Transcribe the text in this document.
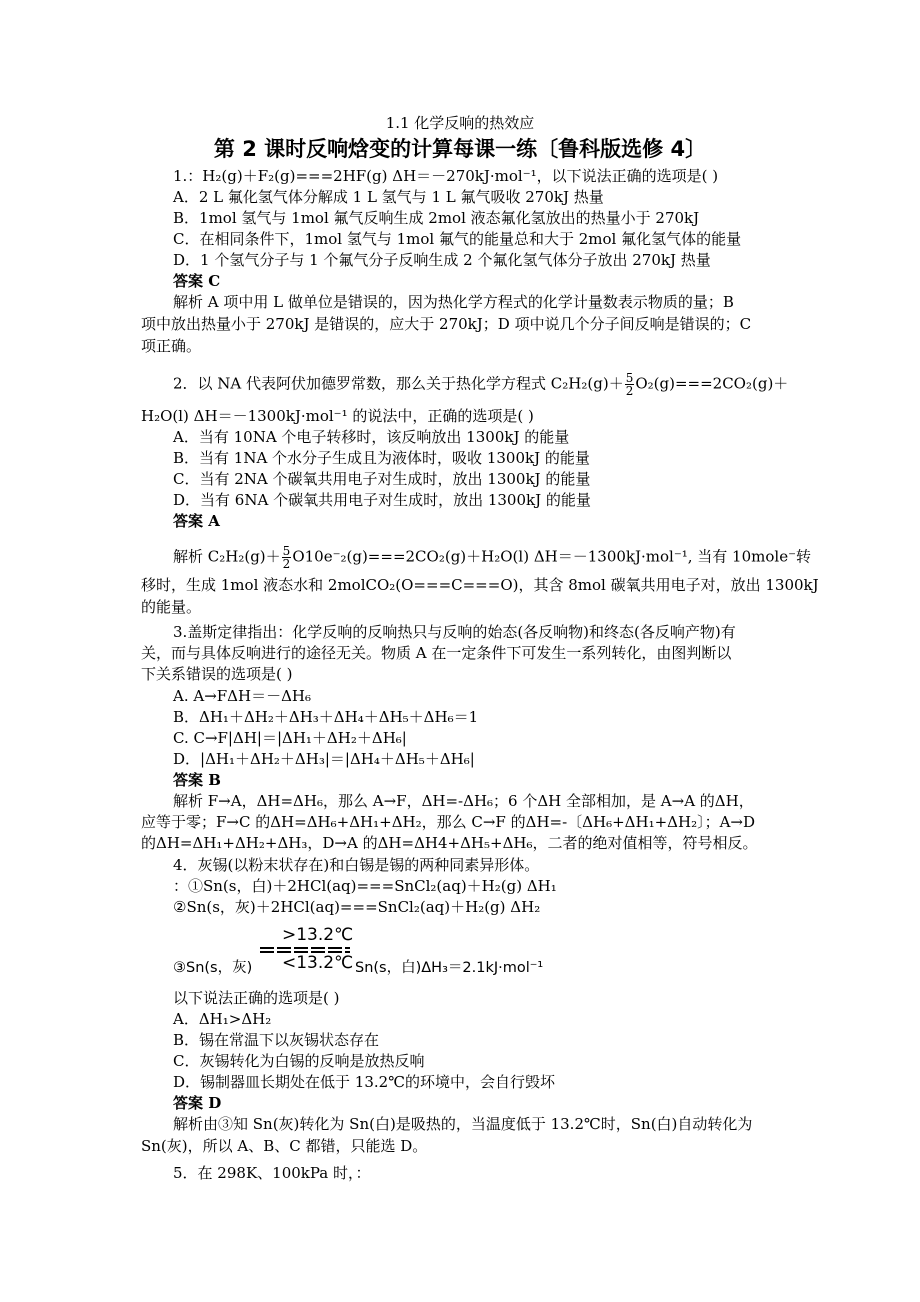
1.1 化学反响的热效应
第 2 课时反响焓变的计算每课一练〔鲁科版选修 4〕
1.：H₂(g)＋F₂(g)===2HF(g) ΔH＝－270kJ·mol⁻¹，以下说法正确的选项是( )
A．2 L 氟化氢气体分解成 1 L 氢气与 1 L 氟气吸收 270kJ 热量
B．1mol 氢气与 1mol 氟气反响生成 2mol 液态氟化氢放出的热量小于 270kJ
C．在相同条件下，1mol 氢气与 1mol 氟气的能量总和大于 2mol 氟化氢气体的能量
D．1 个氢气分子与 1 个氟气分子反响生成 2 个氟化氢气体分子放出 270kJ 热量
答案 C
解析 A 项中用 L 做单位是错误的，因为热化学方程式的化学计量数表示物质的量；B
项中放出热量小于 270kJ 是错误的，应大于 270kJ；D 项中说几个分子间反响是错误的；C
项正确。
2．以 NA 代表阿伏加德罗常数，那么关于热化学方程式 $C_2H_2(g)+ \frac{5}{2} O_2(g)===2CO_2(g)+$
H₂O(l) ΔH＝－1300kJ·mol⁻¹ 的说法中，正确的选项是( )
A．当有 10NA 个电子转移时，该反响放出 1300kJ 的能量
B．当有 1NA 个水分子生成且为液体时，吸收 1300kJ 的能量
C．当有 2NA 个碳氧共用电子对生成时，放出 1300kJ 的能量
D．当有 6NA 个碳氧共用电子对生成时，放出 1300kJ 的能量
答案 A
解析 $C_2H_2(g)+ \frac{5}{2} O10e^-_2(g)===2CO_2(g)+H_2O(l)$ ΔH＝－1300kJ·mol⁻¹, 当有 10mole⁻转
移时，生成 1mol 液态水和 2molCO₂(O===C===O)，其含 8mol 碳氧共用电子对，放出 1300kJ
的能量。
3.盖斯定律指出：化学反响的反响热只与反响的始态(各反响物)和终态(各反响产物)有
关，而与具体反响进行的途径无关。物质 A 在一定条件下可发生一系列转化，由图判断以
下关系错误的选项是( )
A. A→FΔH＝－ΔH₆
B．ΔH₁＋ΔH₂＋ΔH₃＋ΔH₄＋ΔH₅＋ΔH₆＝1
C. C→F|ΔH|＝|ΔH₁＋ΔH₂＋ΔH₆|
D．|ΔH₁＋ΔH₂＋ΔH₃|＝|ΔH₄＋ΔH₅＋ΔH₆|
答案 B
解析 F→A，ΔH=ΔH₆，那么 A→F，ΔH=-ΔH₆；6 个ΔH 全部相加，是 A→A 的ΔH，
应等于零；F→C 的ΔH=ΔH₆+ΔH₁+ΔH₂，那么 C→F 的ΔH=-〔ΔH₆+ΔH₁+ΔH₂〕；A→D
的ΔH=ΔH₁+ΔH₂+ΔH₃，D→A 的ΔH=ΔH4+ΔH₅+ΔH₆，二者的绝对值相等，符号相反。
4．灰锡(以粉末状存在)和白锡是锡的两种同素异形体。
：①Sn(s，白)＋2HCl(aq)===SnCl₂(aq)＋H₂(g) ΔH₁
②Sn(s，灰)＋2HCl(aq)===SnCl₂(aq)＋H₂(g) ΔH₂
>13.2℃
<13.2℃
③Sn(s，灰)	Sn(s，白)ΔH₃＝2.1kJ·mol⁻¹
以下说法正确的选项是( )
A．ΔH₁>ΔH₂
B．锡在常温下以灰锡状态存在
C．灰锡转化为白锡的反响是放热反响
D．锡制器皿长期处在低于 13.2℃的环境中，会自行毁坏
答案 D
解析由③知 Sn(灰)转化为 Sn(白)是吸热的，当温度低于 13.2℃时，Sn(白)自动转化为
Sn(灰)，所以 A、B、C 都错，只能选 D。
5．在 298K、100kPa 时，：
